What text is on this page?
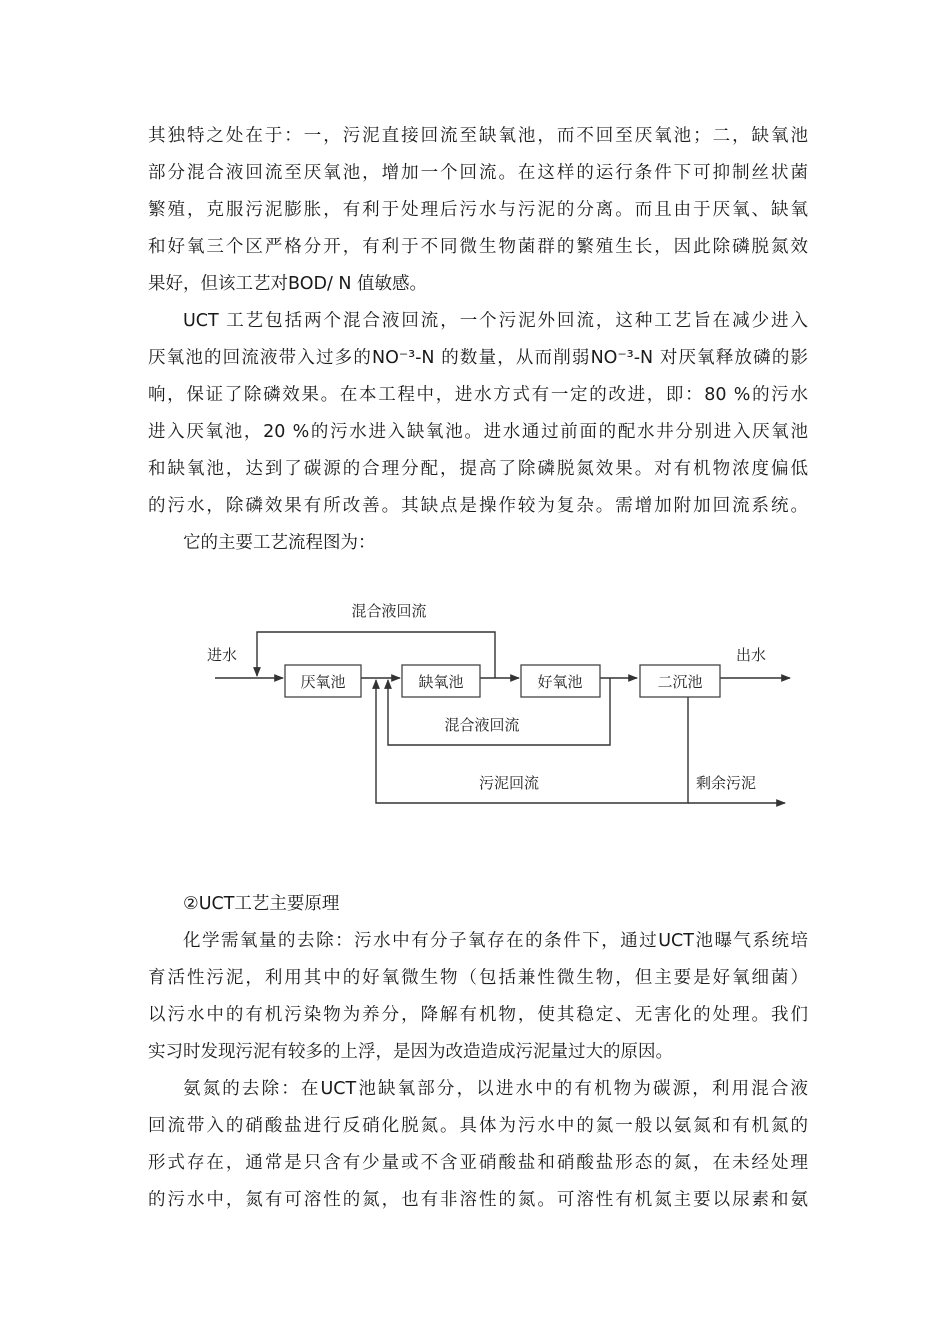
其独特之处在于：一，污泥直接回流至缺氧池，而不回至厌氧池；二，缺氧池
部分混合液回流至厌氧池，增加一个回流。在这样的运行条件下可抑制丝状菌
繁殖，克服污泥膨胀，有利于处理后污水与污泥的分离。而且由于厌氧、缺氧
和好氧三个区严格分开，有利于不同微生物菌群的繁殖生长，因此除磷脱氮效
果好，但该工艺对BOD/ N 值敏感。
UCT 工艺包括两个混合液回流，一个污泥外回流，这种工艺旨在减少进入
厌氧池的回流液带入过多的NO⁻³-N 的数量，从而削弱NO⁻³-N 对厌氧释放磷的影
响，保证了除磷效果。在本工程中，进水方式有一定的改进，即：80 %的污水
进入厌氧池，20 %的污水进入缺氧池。进水通过前面的配水井分别进入厌氧池
和缺氧池，达到了碳源的合理分配，提高了除磷脱氮效果。对有机物浓度偏低
的污水，除磷效果有所改善。其缺点是操作较为复杂。需增加附加回流系统。
它的主要工艺流程图为：
厌氧池	缺氧池	好氧池	二沉池
进水	出水
混合液回流
混合液回流
污泥回流	剩余污泥
②UCT工艺主要原理
化学需氧量的去除：污水中有分子氧存在的条件下，通过UCT池曝气系统培
育活性污泥，利用其中的好氧微生物（包括兼性微生物，但主要是好氧细菌）
以污水中的有机污染物为养分，降解有机物，使其稳定、无害化的处理。我们
实习时发现污泥有较多的上浮，是因为改造造成污泥量过大的原因。
氨氮的去除：在UCT池缺氧部分，以进水中的有机物为碳源，利用混合液
回流带入的硝酸盐进行反硝化脱氮。具体为污水中的氮一般以氨氮和有机氮的
形式存在，通常是只含有少量或不含亚硝酸盐和硝酸盐形态的氮，在未经处理
的污水中，氮有可溶性的氮，也有非溶性的氮。可溶性有机氮主要以尿素和氨
